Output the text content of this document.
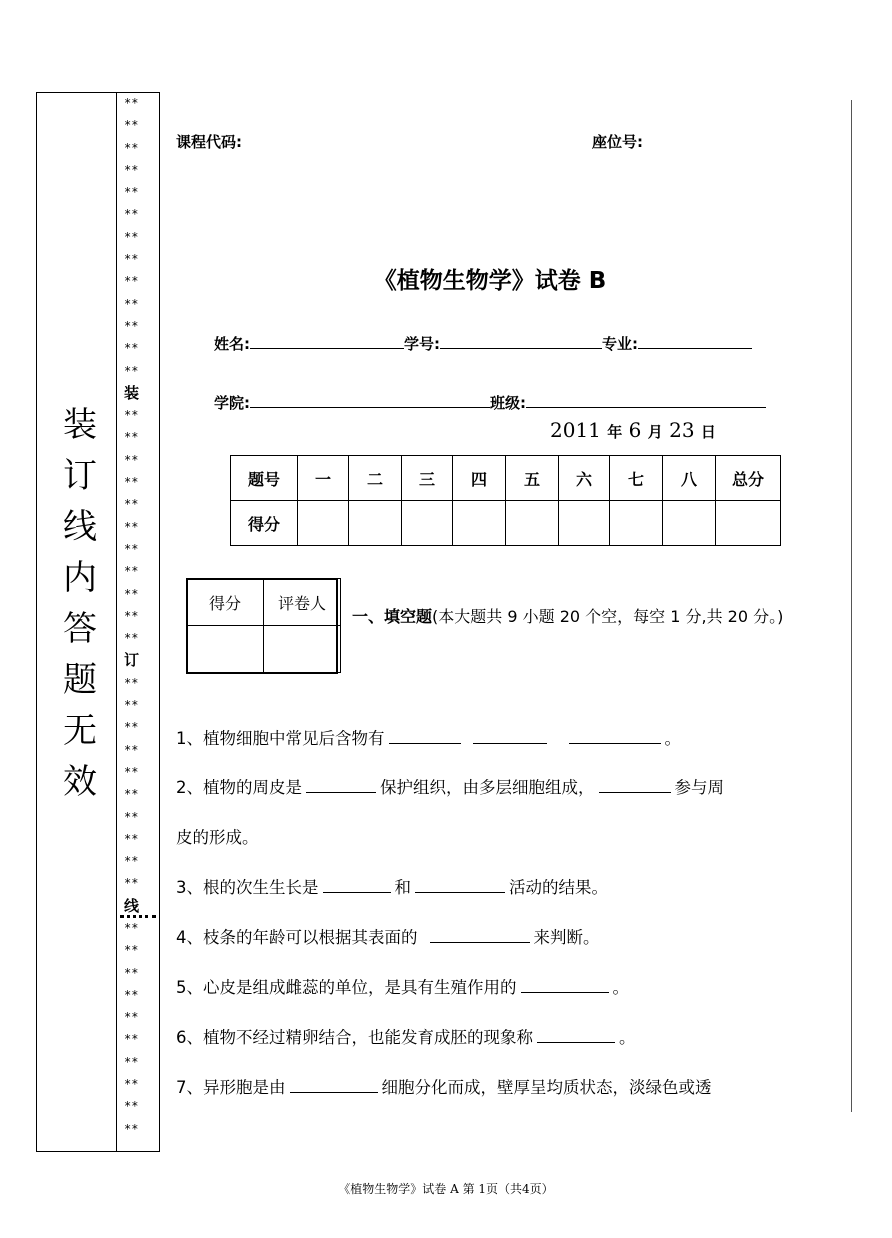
装
订
线
内
答
题
无
效
**
**
**
**
**
**
**
**
**
**
**
**
**
装
**
**
**
**
**
**
**
**
**
**
**
订
**
**
**
**
**
**
**
**
**
**
线
**
**
**
**
**
**
**
**
**
**
课程代码:	座位号:
《植物生物学》试卷 B
姓名:	学号:	专业:
学院:	班级:
2011 年 6 月 23 日
题号	一	二	三	四	五	六	七	八	总分
得分									
得分	评卷人

一、填空题(本大题共 9 小题 20 个空，每空 1 分,共 20 分。)
1、植物细胞中常见后含物有	。
2、植物的周皮是	保护组织，由多层细胞组成，	参与周
皮的形成。
3、根的次生生长是	和	活动的结果。
4、枝条的年龄可以根据其表面的	来判断。
5、心皮是组成雌蕊的单位，是具有生殖作用的	。
6、植物不经过精卵结合，也能发育成胚的现象称	。
7、异形胞是由	细胞分化而成，壁厚呈均质状态，淡绿色或透
《植物生物学》试卷 A 第 1页（共4页）
